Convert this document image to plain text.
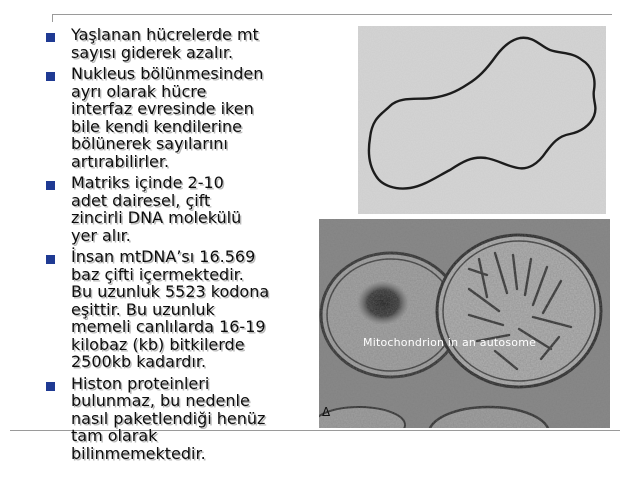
Yaşlanan hücrelerde mt
sayısı giderek azalır.
Nukleus bölünmesinden
ayrı olarak hücre
interfaz evresinde iken
bile kendi kendilerine
bölünerek sayılarını
artırabilirler.
Matriks içinde 2-10
adet dairesel, çift
zincirli DNA molekülü
yer alır.
İnsan mtDNA’sı 16.569
baz çifti içermektedir.
Bu uzunluk 5523 kodona
eşittir. Bu uzunluk
memeli canlılarda 16-19
kilobaz (kb) bitkilerde
2500kb kadardır.
Histon proteinleri
bulunmaz, bu nedenle
nasıl paketlendiği henüz
tam olarak
bilinmemektedir.
Mitochondrion in an autosome
Δ
